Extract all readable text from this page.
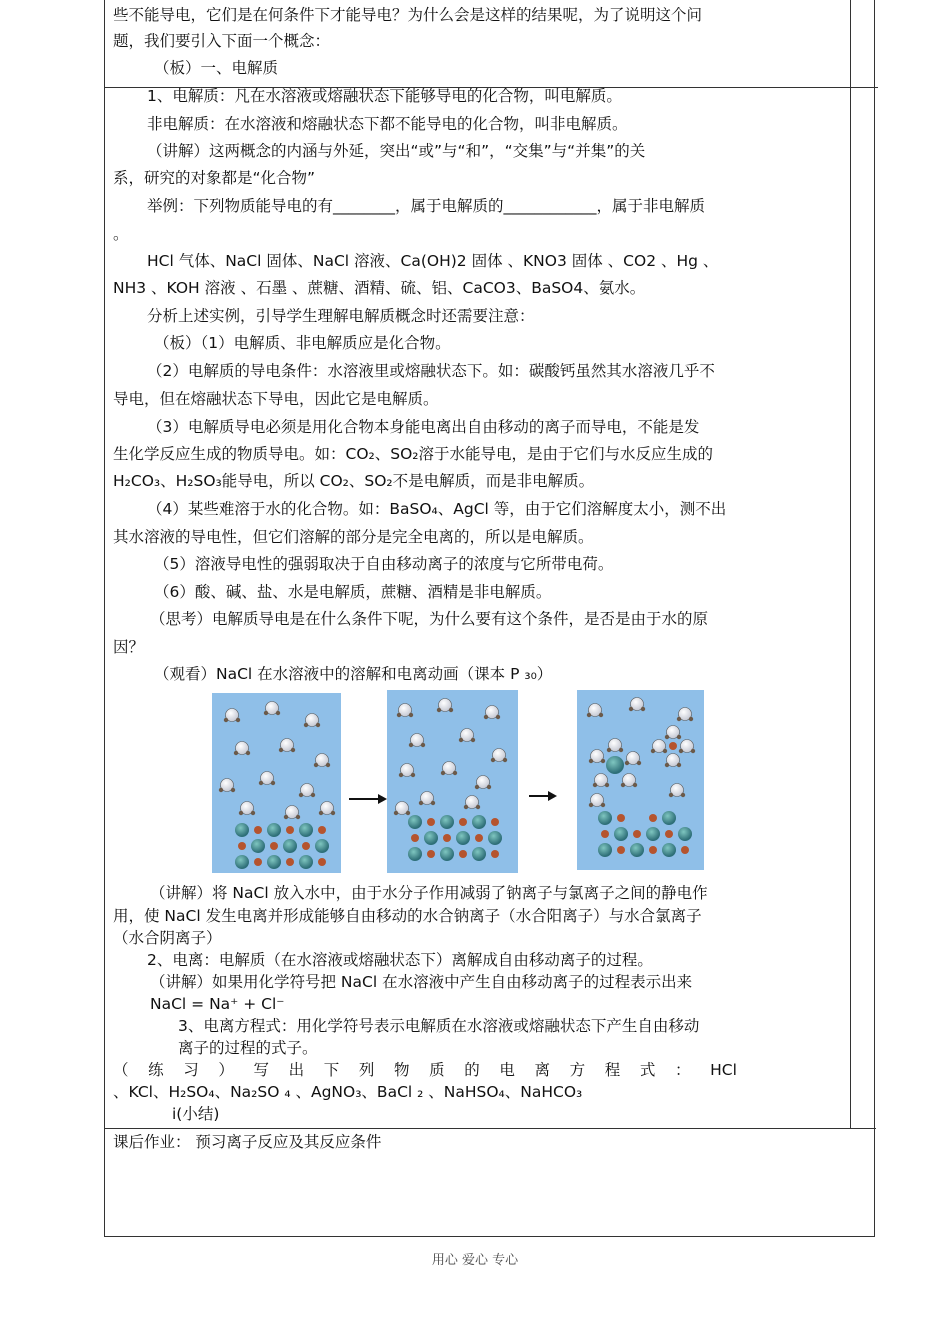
些不能导电，它们是在何条件下才能导电？为什么会是这样的结果呢，为了说明这个问
题，我们要引入下面一个概念：
（板）一、电解质
1、电解质：凡在水溶液或熔融状态下能够导电的化合物，叫电解质。
非电解质：在水溶液和熔融状态下都不能导电的化合物，叫非电解质。
（讲解）这两概念的内涵与外延，突出“或”与“和”，“交集”与“并集”的关
系，研究的对象都是“化合物”
举例：下列物质能导电的有________，属于电解质的____________，属于非电解质
。
HCl 气体、NaCl 固体、NaCl 溶液、Ca(OH)2 固体 、KNO3 固体 、CO2 、Hg 、
NH3 、KOH 溶液 、石墨 、蔗糖、酒精、硫、铝、CaCO3、BaSO4、氨水。
分析上述实例，引导学生理解电解质概念时还需要注意：
（板）（1）电解质、非电解质应是化合物。
（2）电解质的导电条件：水溶液里或熔融状态下。如：碳酸钙虽然其水溶液几乎不
导电，但在熔融状态下导电，因此它是电解质。
（3）电解质导电必须是用化合物本身能电离出自由移动的离子而导电，不能是发
生化学反应生成的物质导电。如：CO₂、SO₂溶于水能导电，是由于它们与水反应生成的
H₂CO₃、H₂SO₃能导电，所以 CO₂、SO₂不是电解质，而是非电解质。
（4）某些难溶于水的化合物。如：BaSO₄、AgCl 等，由于它们溶解度太小，测不出
其水溶液的导电性，但它们溶解的部分是完全电离的，所以是电解质。
（5）溶液导电性的强弱取决于自由移动离子的浓度与它所带电荷。
（6）酸、碱、盐、水是电解质，蔗糖、酒精是非电解质。
（思考）电解质导电是在什么条件下呢，为什么要有这个条件，是否是由于水的原
因？
（观看）NaCl 在水溶液中的溶解和电离动画（课本 P ₃₀）
（讲解）将 NaCl 放入水中，由于水分子作用减弱了钠离子与氯离子之间的静电作
用，使 NaCl 发生电离并形成能够自由移动的水合钠离子（水合阳离子）与水合氯离子
（水合阴离子）
2、电离：电解质（在水溶液或熔融状态下）离解成自由移动离子的过程。
（讲解）如果用化学符号把 NaCl 在水溶液中产生自由移动离子的过程表示出来
NaCl = Na⁺ + Cl⁻
3、电离方程式：用化学符号表示电解质在水溶液或熔融状态下产生自由移动
离子的过程的式子。
（ 练 习 ） 写 出 下 列 物 质 的 电 离 方 程 式 ： HCl
、KCl、H₂SO₄、Na₂SO ₄ 、AgNO₃、BaCl ₂ 、NaHSO₄、NaHCO₃
i(小结)
课后作业： 预习离子反应及其反应条件
用心 爱心 专心
